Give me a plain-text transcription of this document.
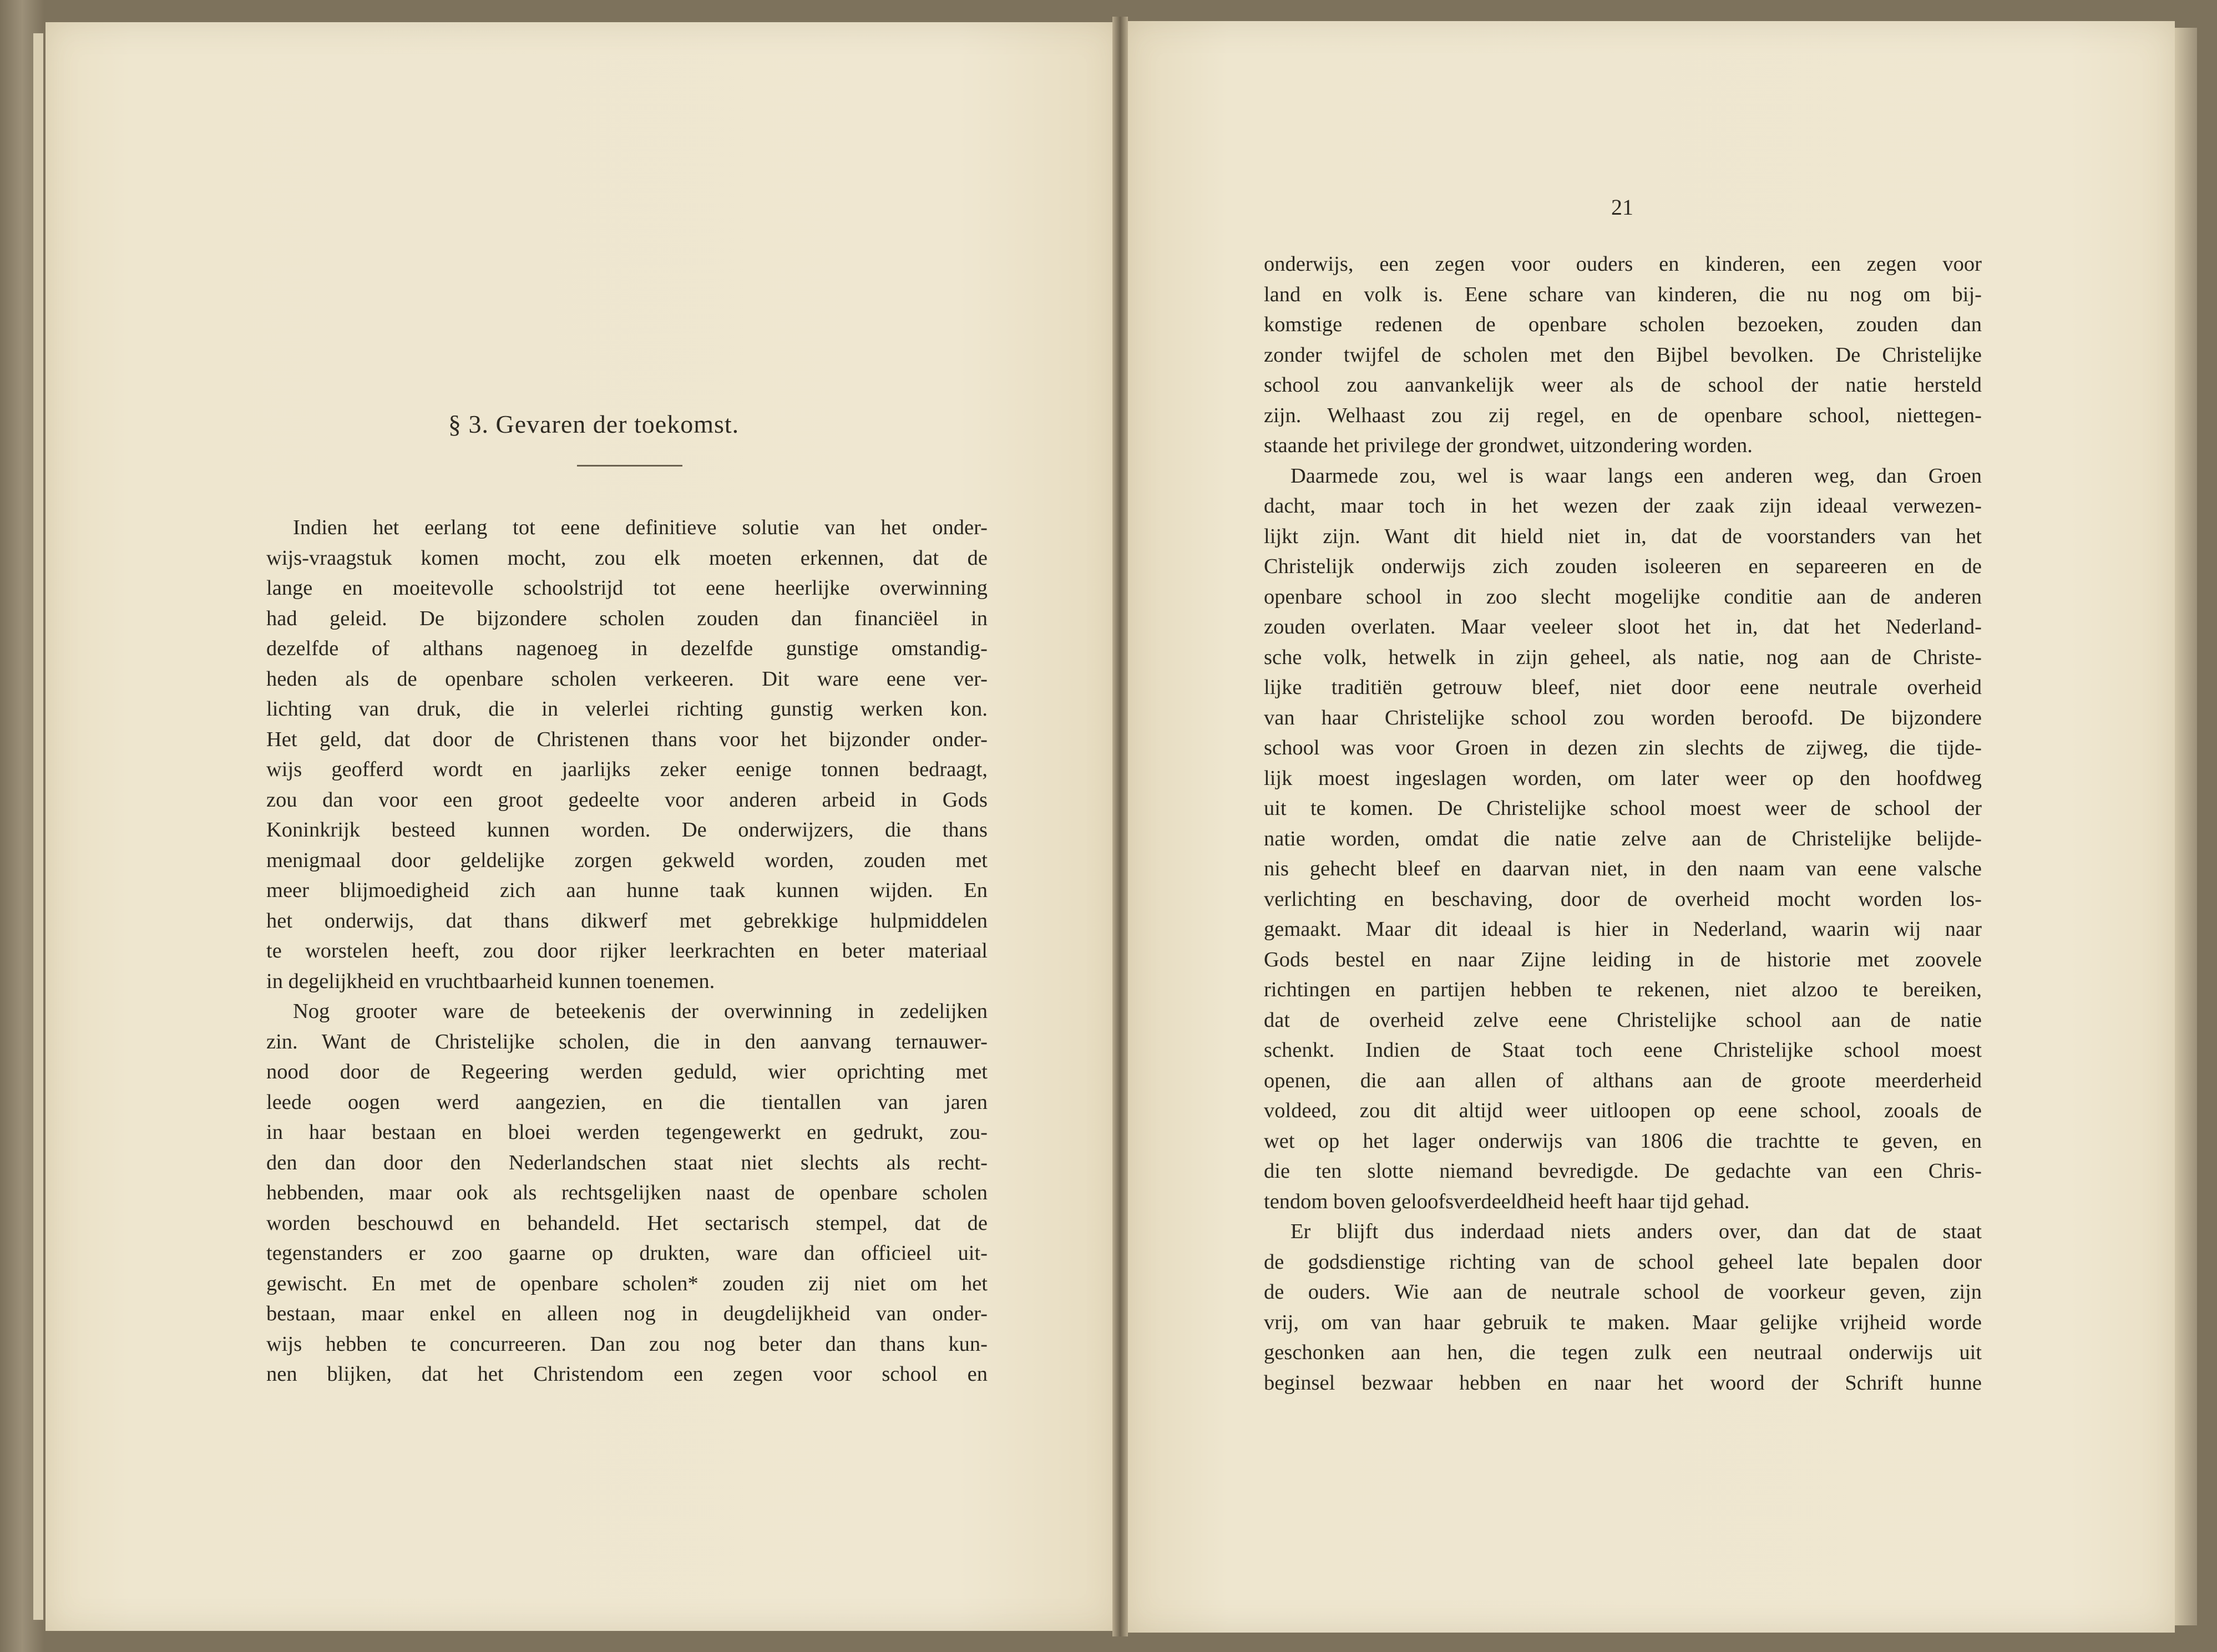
§ 3. Gevaren der toekomst.
Indien het eerlang tot eene definitieve solutie van het onder-
wijs-vraagstuk komen mocht, zou elk moeten erkennen, dat de
lange en moeitevolle schoolstrijd tot eene heerlijke overwinning
had geleid. De bijzondere scholen zouden dan financiëel in
dezelfde of althans nagenoeg in dezelfde gunstige omstandig-
heden als de openbare scholen verkeeren. Dit ware eene ver-
lichting van druk, die in velerlei richting gunstig werken kon.
Het geld, dat door de Christenen thans voor het bijzonder onder-
wijs geofferd wordt en jaarlijks zeker eenige tonnen bedraagt,
zou dan voor een groot gedeelte voor anderen arbeid in Gods
Koninkrijk besteed kunnen worden. De onderwijzers, die thans
menigmaal door geldelijke zorgen gekweld worden, zouden met
meer blijmoedigheid zich aan hunne taak kunnen wijden. En
het onderwijs, dat thans dikwerf met gebrekkige hulpmiddelen
te worstelen heeft, zou door rijker leerkrachten en beter materiaal
in degelijkheid en vruchtbaarheid kunnen toenemen.
Nog grooter ware de beteekenis der overwinning in zedelijken
zin. Want de Christelijke scholen, die in den aanvang ternauwer-
nood door de Regeering werden geduld, wier oprichting met
leede oogen werd aangezien, en die tientallen van jaren
in haar bestaan en bloei werden tegengewerkt en gedrukt, zou-
den dan door den Nederlandschen staat niet slechts als recht-
hebbenden, maar ook als rechtsgelijken naast de openbare scholen
worden beschouwd en behandeld. Het sectarisch stempel, dat de
tegenstanders er zoo gaarne op drukten, ware dan officieel uit-
gewischt. En met de openbare scholen* zouden zij niet om het
bestaan, maar enkel en alleen nog in deugdelijkheid van onder-
wijs hebben te concurreeren. Dan zou nog beter dan thans kun-
nen blijken, dat het Christendom een zegen voor school en
21
onderwijs, een zegen voor ouders en kinderen, een zegen voor
land en volk is. Eene schare van kinderen, die nu nog om bij-
komstige redenen de openbare scholen bezoeken, zouden dan
zonder twijfel de scholen met den Bijbel bevolken. De Christelijke
school zou aanvankelijk weer als de school der natie hersteld
zijn. Welhaast zou zij regel, en de openbare school, niettegen-
staande het privilege der grondwet, uitzondering worden.
Daarmede zou, wel is waar langs een anderen weg, dan Groen
dacht, maar toch in het wezen der zaak zijn ideaal verwezen-
lijkt zijn. Want dit hield niet in, dat de voorstanders van het
Christelijk onderwijs zich zouden isoleeren en separeeren en de
openbare school in zoo slecht mogelijke conditie aan de anderen
zouden overlaten. Maar veeleer sloot het in, dat het Nederland-
sche volk, hetwelk in zijn geheel, als natie, nog aan de Christe-
lijke traditiën getrouw bleef, niet door eene neutrale overheid
van haar Christelijke school zou worden beroofd. De bijzondere
school was voor Groen in dezen zin slechts de zijweg, die tijde-
lijk moest ingeslagen worden, om later weer op den hoofdweg
uit te komen. De Christelijke school moest weer de school der
natie worden, omdat die natie zelve aan de Christelijke belijde-
nis gehecht bleef en daarvan niet, in den naam van eene valsche
verlichting en beschaving, door de overheid mocht worden los-
gemaakt. Maar dit ideaal is hier in Nederland, waarin wij naar
Gods bestel en naar Zijne leiding in de historie met zoovele
richtingen en partijen hebben te rekenen, niet alzoo te bereiken,
dat de overheid zelve eene Christelijke school aan de natie
schenkt. Indien de Staat toch eene Christelijke school moest
openen, die aan allen of althans aan de groote meerderheid
voldeed, zou dit altijd weer uitloopen op eene school, zooals de
wet op het lager onderwijs van 1806 die trachtte te geven, en
die ten slotte niemand bevredigde. De gedachte van een Chris-
tendom boven geloofsverdeeldheid heeft haar tijd gehad.
Er blijft dus inderdaad niets anders over, dan dat de staat
de godsdienstige richting van de school geheel late bepalen door
de ouders. Wie aan de neutrale school de voorkeur geven, zijn
vrij, om van haar gebruik te maken. Maar gelijke vrijheid worde
geschonken aan hen, die tegen zulk een neutraal onderwijs uit
beginsel bezwaar hebben en naar het woord der Schrift hunne
